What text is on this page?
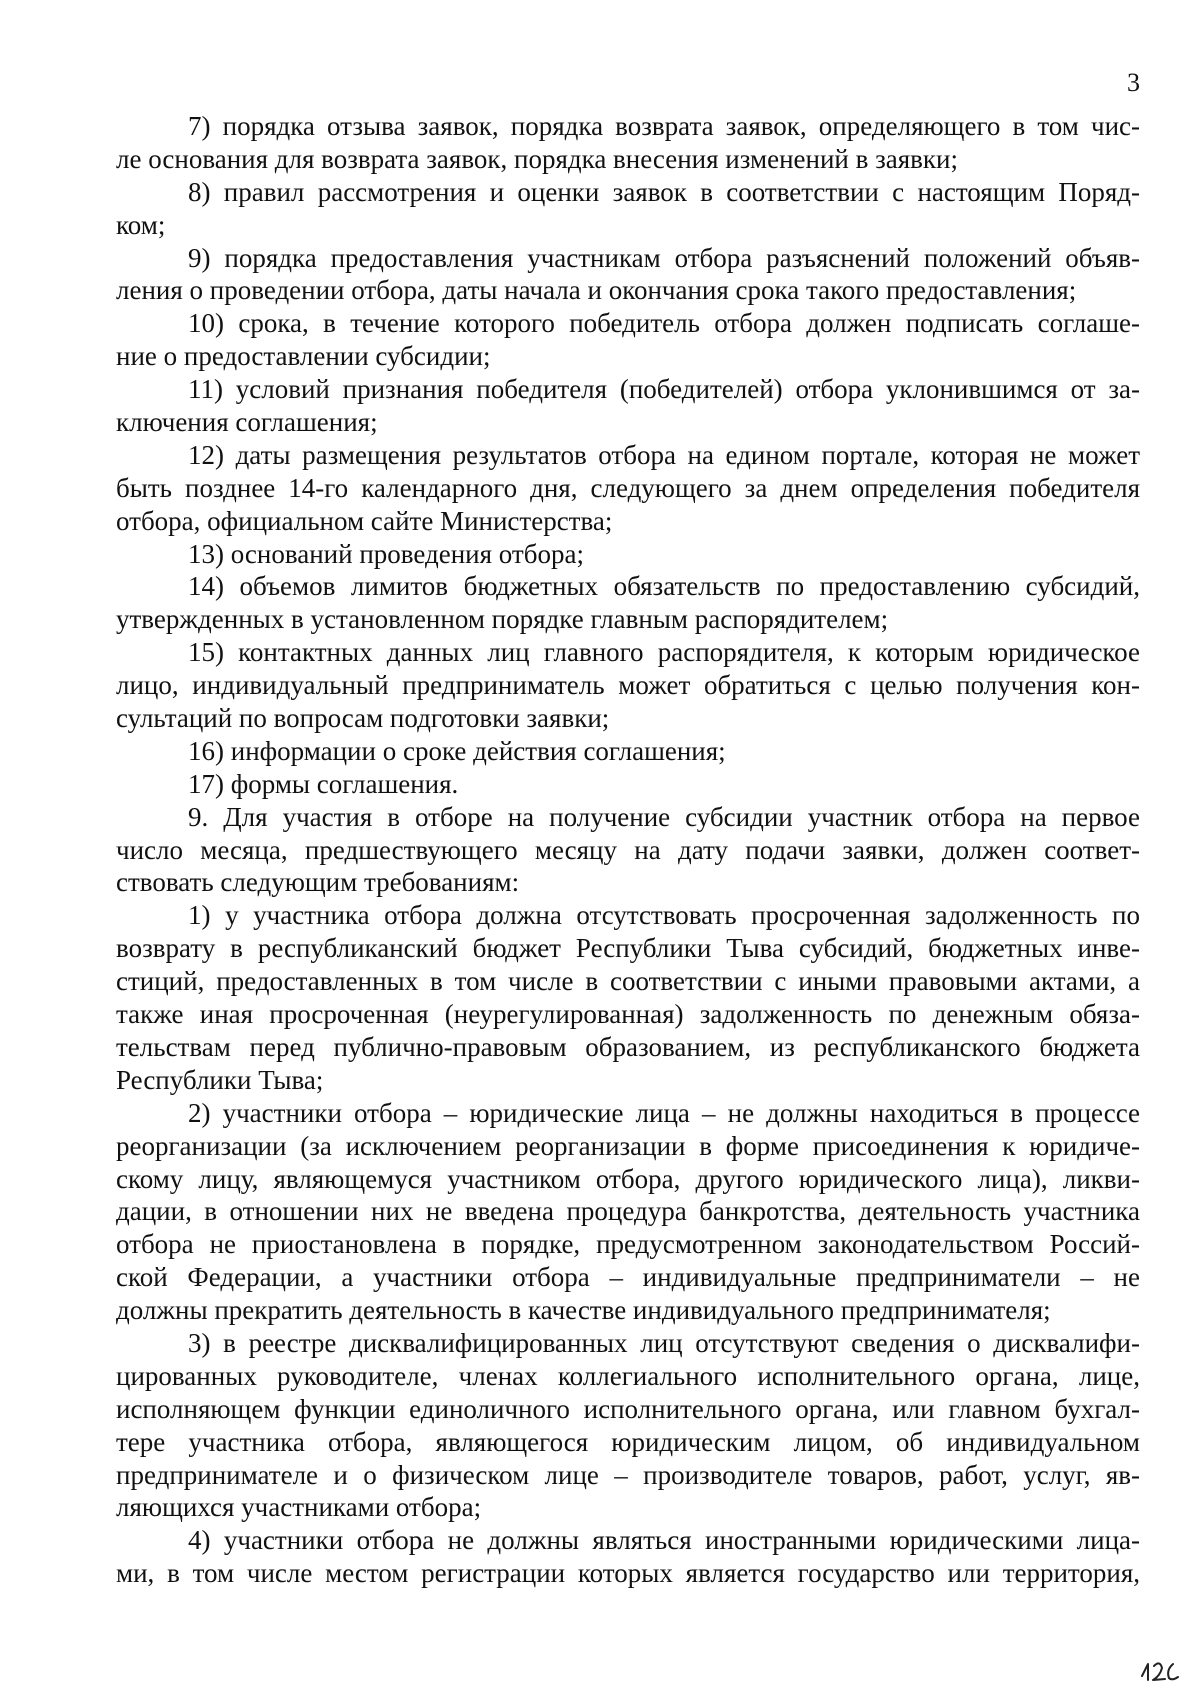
3
7) порядка отзыва заявок, порядка возврата заявок, определяющего в том чис-
ле основания для возврата заявок, порядка внесения изменений в заявки;
8) правил рассмотрения и оценки заявок в соответствии с настоящим Поряд-
ком;
9) порядка предоставления участникам отбора разъяснений положений объяв-
ления о проведении отбора, даты начала и окончания срока такого предоставления;
10) срока, в течение которого победитель отбора должен подписать соглаше-
ние о предоставлении субсидии;
11) условий признания победителя (победителей) отбора уклонившимся от за-
ключения соглашения;
12) даты размещения результатов отбора на едином портале, которая не может
быть позднее 14-го календарного дня, следующего за днем определения победителя
отбора, официальном сайте Министерства;
13) оснований проведения отбора;
14) объемов лимитов бюджетных обязательств по предоставлению субсидий,
утвержденных в установленном порядке главным распорядителем;
15) контактных данных лиц главного распорядителя, к которым юридическое
лицо, индивидуальный предприниматель может обратиться с целью получения кон-
сультаций по вопросам подготовки заявки;
16) информации о сроке действия соглашения;
17) формы соглашения.
9. Для участия в отборе на получение субсидии участник отбора на первое
число месяца, предшествующего месяцу на дату подачи заявки, должен соответ-
ствовать следующим требованиям:
1) у участника отбора должна отсутствовать просроченная задолженность по
возврату в республиканский бюджет Республики Тыва субсидий, бюджетных инве-
стиций, предоставленных в том числе в соответствии с иными правовыми актами, а
также иная просроченная (неурегулированная) задолженность по денежным обяза-
тельствам перед публично-правовым образованием, из республиканского бюджета
Республики Тыва;
2) участники отбора – юридические лица – не должны находиться в процессе
реорганизации (за исключением реорганизации в форме присоединения к юридиче-
скому лицу, являющемуся участником отбора, другого юридического лица), ликви-
дации, в отношении них не введена процедура банкротства, деятельность участника
отбора не приостановлена в порядке, предусмотренном законодательством Россий-
ской Федерации, а участники отбора – индивидуальные предприниматели – не
должны прекратить деятельность в качестве индивидуального предпринимателя;
3) в реестре дисквалифицированных лиц отсутствуют сведения о дисквалифи-
цированных руководителе, членах коллегиального исполнительного органа, лице,
исполняющем функции единоличного исполнительного органа, или главном бухгал-
тере участника отбора, являющегося юридическим лицом, об индивидуальном
предпринимателе и о физическом лице – производителе товаров, работ, услуг, яв-
ляющихся участниками отбора;
4) участники отбора не должны являться иностранными юридическими лица-
ми, в том числе местом регистрации которых является государство или территория,
